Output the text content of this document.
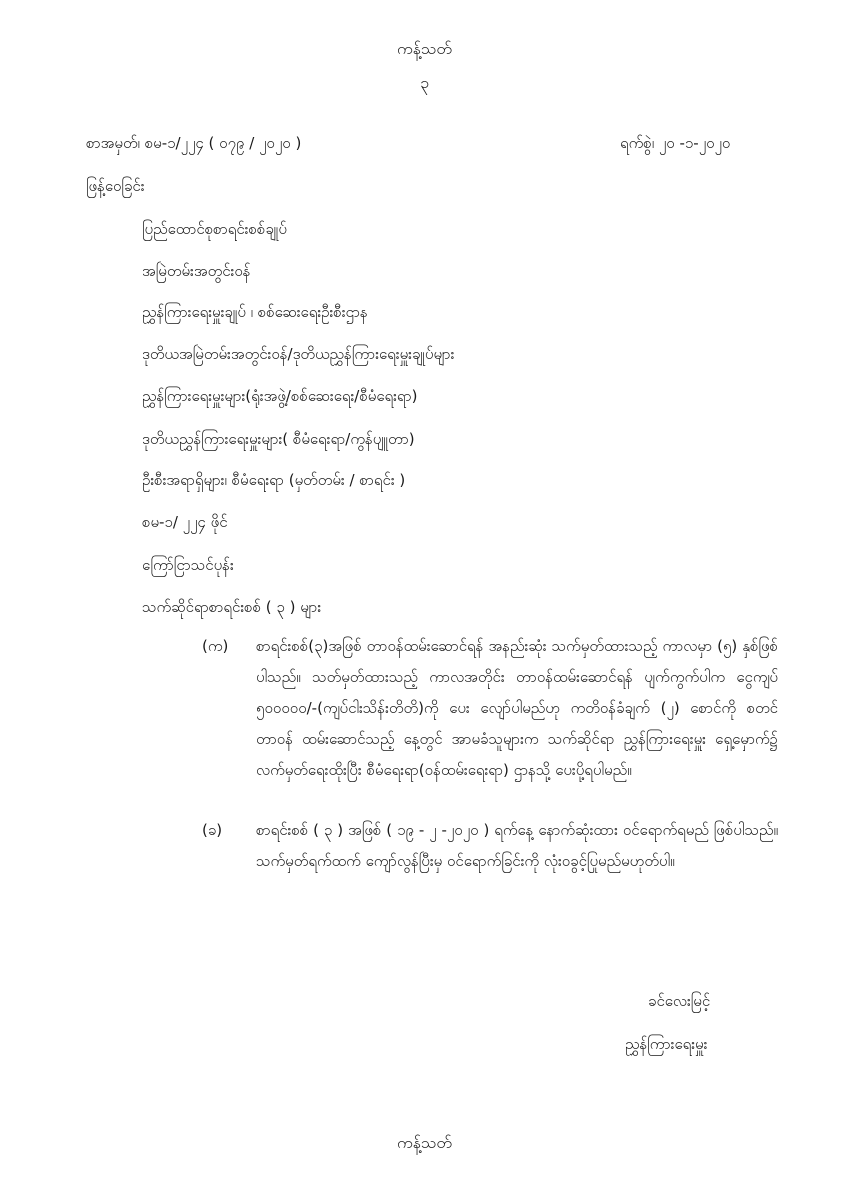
ကန့်သတ်
၃
စာအမှတ်၊ စမ-၁/၂၂၄ ( ၀၇၉ / ၂၀၂၀ )	ရက်စွဲ၊ ၂၀ -၁-၂၀၂၀
ဖြန့်ဝေခြင်း
ပြည်ထောင်စုစာရင်းစစ်ချုပ်
အမြဲတမ်းအတွင်းဝန်
ညွှန်ကြားရေးမှူးချုပ် ၊ စစ်ဆေးရေးဦးစီးဌာန
ဒုတိယအမြဲတမ်းအတွင်းဝန်/ဒုတိယညွှန်ကြားရေးမှူးချုပ်များ
ညွှန်ကြားရေးမှူးများ(ရုံးအဖွဲ့/စစ်ဆေးရေး/စီမံရေးရာ)
ဒုတိယညွှန်ကြားရေးမှူးများ( စီမံရေးရာ/ကွန်ပျူတာ)
ဦးစီးအရာရှိများ၊ စီမံရေးရာ (မှတ်တမ်း / စာရင်း )
စမ-၁/ ၂၂၄ ဖိုင်
ကြော်ငြာသင်ပုန်း
သက်ဆိုင်ရာစာရင်းစစ် ( ၃ ) များ
(က) စာရင်းစစ်(၃)အဖြစ် တာဝန်ထမ်းဆောင်ရန် အနည်းဆုံး သက်မှတ်ထားသည့် ကာလမှာ (၅) နှစ်ဖြစ်ပါသည်။ သတ်မှတ်ထားသည့် ကာလအတိုင်း တာဝန်ထမ်းဆောင်ရန် ပျက်ကွက်ပါက ငွေကျပ် ၅၀၀၀၀၀/-(ကျပ်ငါးသိန်းတိတိ)ကို ပေး လျော်ပါမည်ဟု ကတိဝန်ခံချက် (၂) စောင်ကို စတင်တာဝန် ထမ်းဆောင်သည့် နေ့တွင် အာမခံသူများက သက်ဆိုင်ရာ ညွှန်ကြားရေးမှူး ရှေ့မှောက်၌ လက်မှတ်ရေးထိုးပြီး စီမံရေးရာ(ဝန်ထမ်းရေးရာ) ဌာနသို့ ပေးပို့ရပါမည်။
(ခ) စာရင်းစစ် ( ၃ ) အဖြစ် ( ၁၉ - ၂ -၂၀၂၀ ) ရက်နေ့ နောက်ဆုံးထား ဝင်ရောက်ရမည် ဖြစ်ပါသည်။ သက်မှတ်ရက်ထက် ကျော်လွန်ပြီးမှ ဝင်ရောက်ခြင်းကို လုံးဝခွင့်ပြုမည်မဟုတ်ပါ။
ခင်လေးမြင့်
ညွှန်ကြားရေးမှူး
ကန့်သတ်
